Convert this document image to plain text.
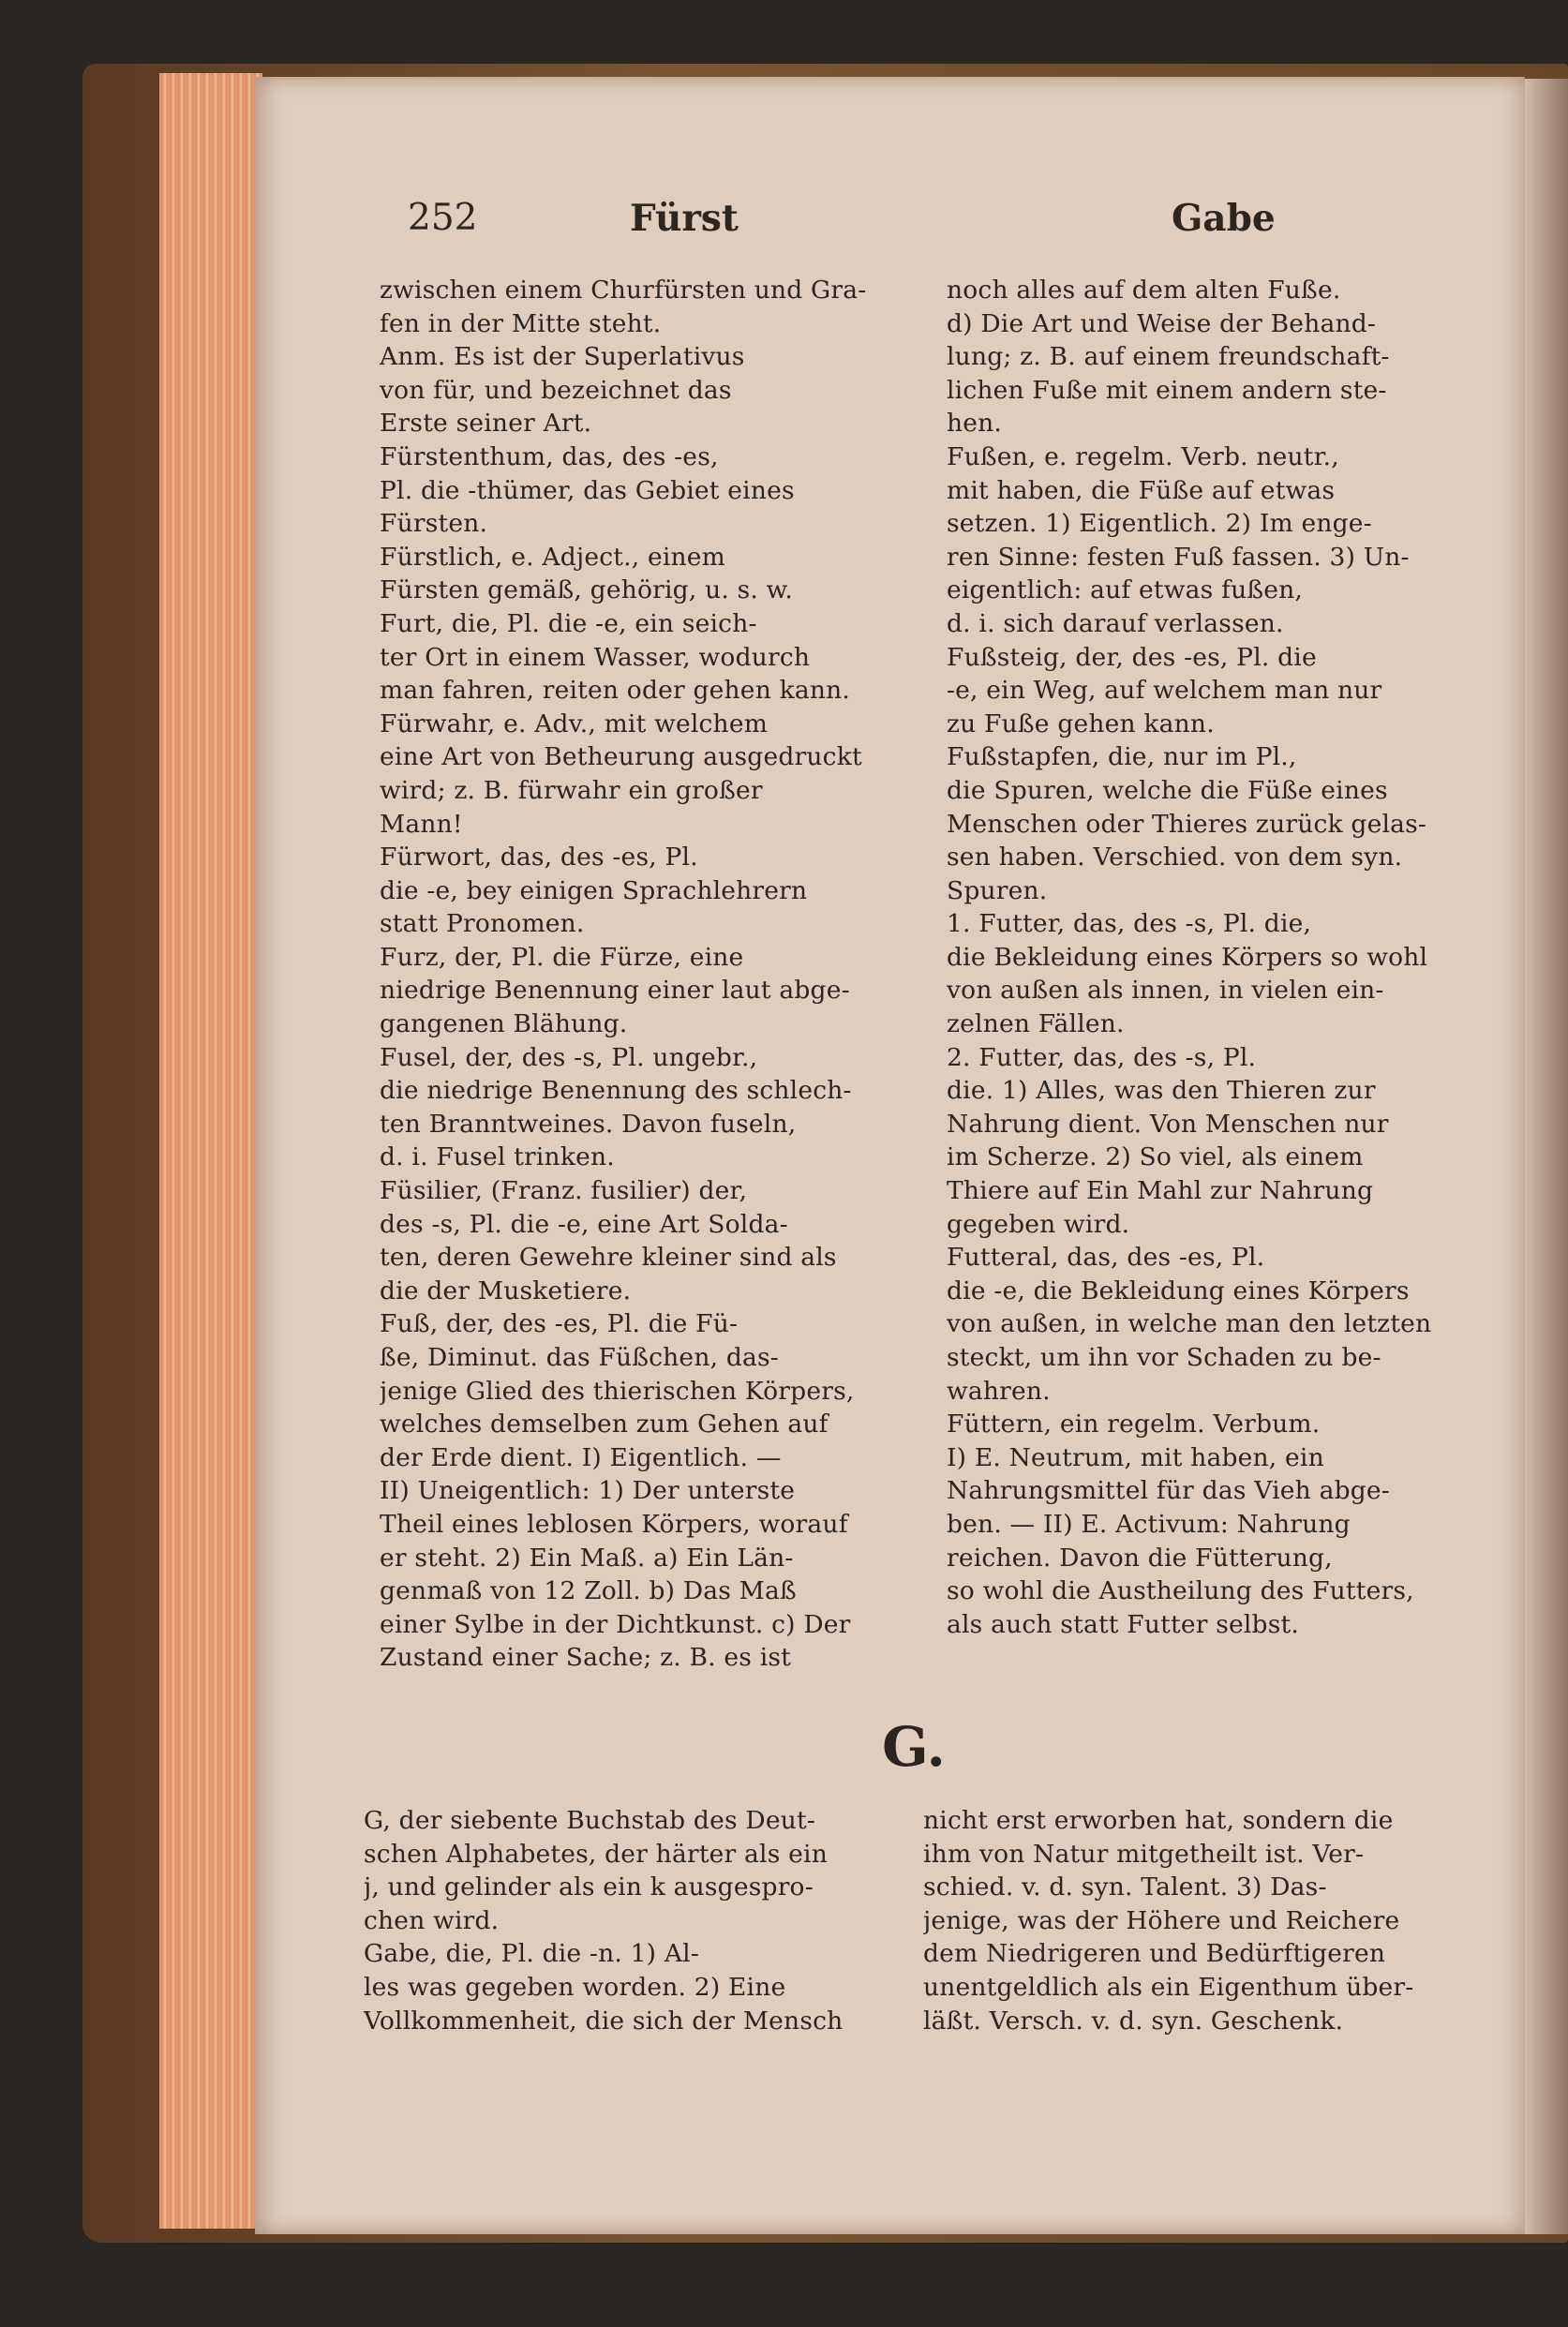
252	Fürst	Gabe
zwischen einem Churfürsten und Gra-
fen in der Mitte steht.
Anm. Es ist der Superlativus
von für, und bezeichnet das
Erste seiner Art.
Fürstenthum, das, des -es,
Pl. die -thümer, das Gebiet eines
Fürsten.
Fürstlich, e. Adject., einem
Fürsten gemäß, gehörig, u. s. w.
Furt, die, Pl. die -e, ein seich-
ter Ort in einem Wasser, wodurch
man fahren, reiten oder gehen kann.
Fürwahr, e. Adv., mit welchem
eine Art von Betheurung ausgedruckt
wird; z. B. fürwahr ein großer
Mann!
Fürwort, das, des -es, Pl.
die -e, bey einigen Sprachlehrern
statt Pronomen.
Furz, der, Pl. die Fürze, eine
niedrige Benennung einer laut abge-
gangenen Blähung.
Fusel, der, des -s, Pl. ungebr.,
die niedrige Benennung des schlech-
ten Branntweines. Davon fuseln,
d. i. Fusel trinken.
Füsilier, (Franz. fusilier) der,
des -s, Pl. die -e, eine Art Solda-
ten, deren Gewehre kleiner sind als
die der Musketiere.
Fuß, der, des -es, Pl. die Fü-
ße, Diminut. das Füßchen, das-
jenige Glied des thierischen Körpers,
welches demselben zum Gehen auf
der Erde dient. I) Eigentlich. —
II) Uneigentlich: 1) Der unterste
Theil eines leblosen Körpers, worauf
er steht. 2) Ein Maß. a) Ein Län-
genmaß von 12 Zoll. b) Das Maß
einer Sylbe in der Dichtkunst. c) Der
Zustand einer Sache; z. B. es ist
noch alles auf dem alten Fuße.
d) Die Art und Weise der Behand-
lung; z. B. auf einem freundschaft-
lichen Fuße mit einem andern ste-
hen.
Fußen, e. regelm. Verb. neutr.,
mit haben, die Füße auf etwas
setzen. 1) Eigentlich. 2) Im enge-
ren Sinne: festen Fuß fassen. 3) Un-
eigentlich: auf etwas fußen,
d. i. sich darauf verlassen.
Fußsteig, der, des -es, Pl. die
-e, ein Weg, auf welchem man nur
zu Fuße gehen kann.
Fußstapfen, die, nur im Pl.,
die Spuren, welche die Füße eines
Menschen oder Thieres zurück gelas-
sen haben. Verschied. von dem syn.
Spuren.
1. Futter, das, des -s, Pl. die,
die Bekleidung eines Körpers so wohl
von außen als innen, in vielen ein-
zelnen Fällen.
2. Futter, das, des -s, Pl.
die. 1) Alles, was den Thieren zur
Nahrung dient. Von Menschen nur
im Scherze. 2) So viel, als einem
Thiere auf Ein Mahl zur Nahrung
gegeben wird.
Futteral, das, des -es, Pl.
die -e, die Bekleidung eines Körpers
von außen, in welche man den letzten
steckt, um ihn vor Schaden zu be-
wahren.
Füttern, ein regelm. Verbum.
I) E. Neutrum, mit haben, ein
Nahrungsmittel für das Vieh abge-
ben. — II) E. Activum: Nahrung
reichen. Davon die Fütterung,
so wohl die Austheilung des Futters,
als auch statt Futter selbst.
G.
G, der siebente Buchstab des Deut-
schen Alphabetes, der härter als ein
j, und gelinder als ein k ausgespro-
chen wird.
Gabe, die, Pl. die -n. 1) Al-
les was gegeben worden. 2) Eine
Vollkommenheit, die sich der Mensch
nicht erst erworben hat, sondern die
ihm von Natur mitgetheilt ist. Ver-
schied. v. d. syn. Talent. 3) Das-
jenige, was der Höhere und Reichere
dem Niedrigeren und Bedürftigeren
unentgeldlich als ein Eigenthum über-
läßt. Versch. v. d. syn. Geschenk.
